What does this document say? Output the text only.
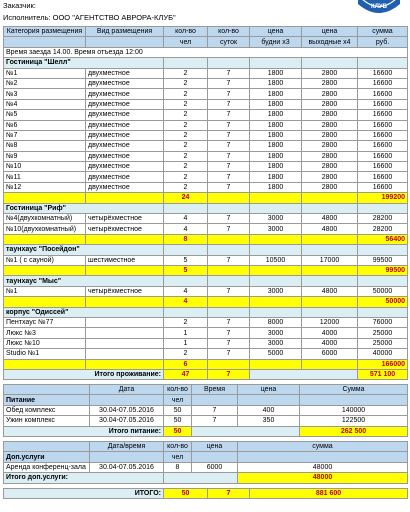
КЛУБ
Заказчик:
Исполнитель: ООО "АГЕНТСТВО АВРОРА-КЛУБ"
Категория размещения	Вид размещения	кол-во	кол-во	цена	цена	сумма
		чел	суток	будни х3	выходные х4	руб.
Время заезда 14.00. Время отъезда 12:00						
Гостиница "Шелл"						
№1	двухместное	2	7	1800	2800	16600
№2	двухместное	2	7	1800	2800	16600
№3	двухместное	2	7	1800	2800	16600
№4	двухместное	2	7	1800	2800	16600
№5	двухместное	2	7	1800	2800	16600
№6	двухместное	2	7	1800	2800	16600
№7	двухместное	2	7	1800	2800	16600
№8	двухместное	2	7	1800	2800	16600
№9	двухместное	2	7	1800	2800	16600
№10	двухместное	2	7	1800	2800	16600
№11	двухместное	2	7	1800	2800	16600
№12	двухместное	2	7	1800	2800	16600
		24				199200
Гостиница "Риф"						
№4(двухкомнатный)	четырёхместное	4	7	3000	4800	28200
№10(двухкомнатный)	четырёхместное	4	7	3000	4800	28200
		8				56400
таунхаус "Посейдон"						
№1 ( с сауной)	шестиместное	5	7	10500	17000	99500
		5				99500
таунхаус "Мыс"						
№1	четырёхместное	4	7	3000	4800	50000
		4				50000
корпус "Одиссей"						
Пентхаус №77		2	7	8000	12000	76000
Люкс №3		1	7	3000	4000	25000
Люкс №10		1	7	3000	4000	25000
Studio №1		2	7	5000	6000	40000
		6				166000
Итого проживание:		47	7			571 100
	Дата	кол-во	Время	цена	Сумма
Питание		чел			
Обед комплекс	30.04-07.05.2016	50	7	400	140000
Ужин комплекс	30.04-07.05.2016	50	7	350	122500
Итого питание:		50			262 500
	Дата/время	кол-во	цена	сумма
Доп.услуги		чел		
Аренда конференц-зала	30.04-07.05.2016	8	6000	48000
Итого доп.услуги:				48000
ИТОГО:	50	7	881 600
